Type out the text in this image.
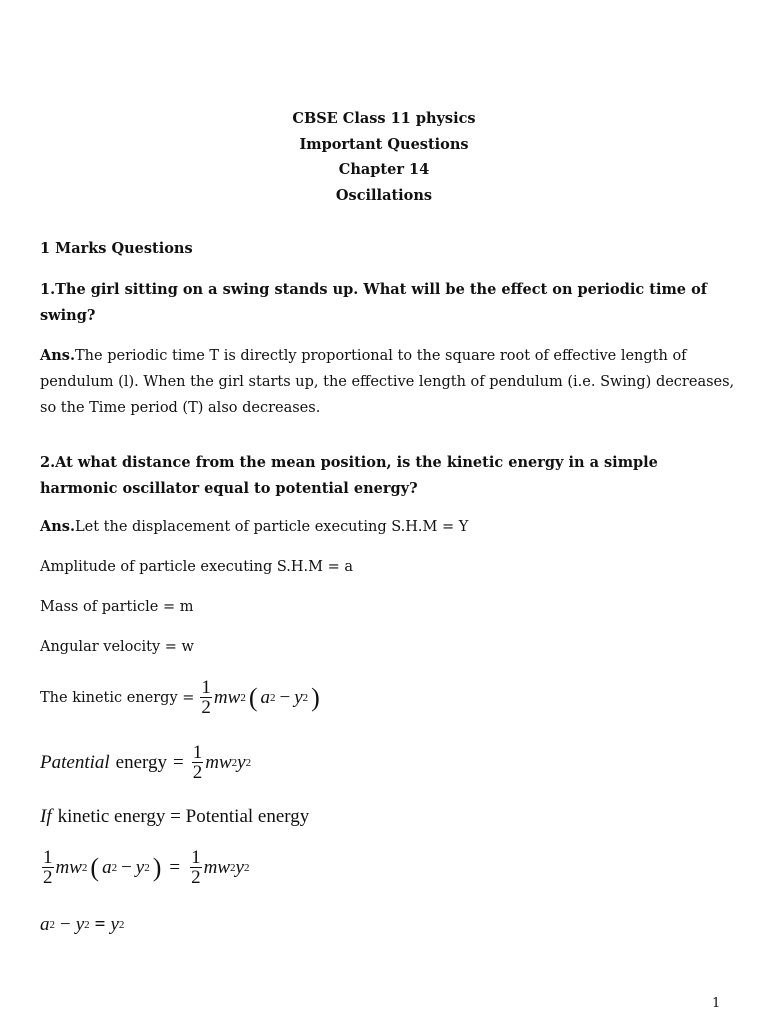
CBSE Class 11 physics
Important Questions
Chapter 14
Oscillations
1 Marks Questions
1.The girl sitting on a swing stands up. What will be the effect on periodic time of swing?
Ans.The periodic time T is directly proportional to the square root of effective length of pendulum (l). When the girl starts up, the effective length of pendulum (i.e. Swing) decreases, so the Time period (T) also decreases.
2.At what distance from the mean position, is the kinetic energy in a simple harmonic oscillator equal to potential energy?
Ans.Let the displacement of particle executing S.H.M = Y
Amplitude of particle executing S.H.M = a
Mass of particle = m
Angular velocity = w
The kinetic energy = $\frac{1}{2}$ mw 2 ( a 2 − y 2 )
Patential energy = $\frac{1}{2}$ mw 2 y 2
If kinetic energy = Potential energy
$\frac{1}{2}$ mw 2 ( a 2 − y 2 ) = $\frac{1}{2}$ mw 2 y 2
a 2 − y 2 = y 2
1
